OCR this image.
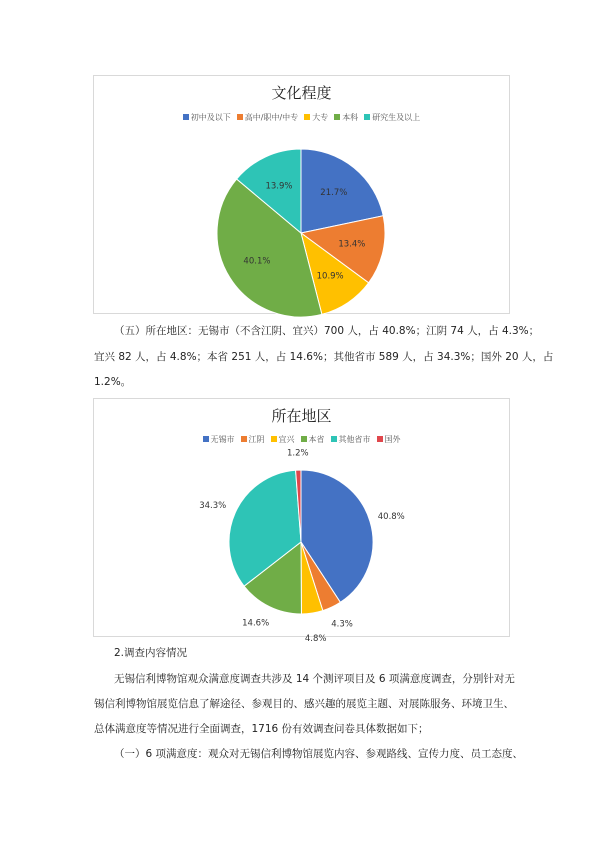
文化程度
初中及以下 高中/职中/中专 大专 本科 研究生及以上
21.7%
13.4%
10.9%
40.1%
13.9%
（五）所在地区：无锡市（不含江阴、宜兴）700 人，占 40.8%；江阴 74 人，占 4.3%；
宜兴 82 人，占 4.8%；本省 251 人，占 14.6%；其他省市 589 人，占 34.3%；国外 20 人，占
1.2%。
所在地区
无锡市 江阴 宜兴 本省 其他省市 国外
40.8%
4.3%
4.8%
14.6%
34.3%
1.2%
2.调查内容情况
无锡信利博物馆观众满意度调查共涉及 14 个测评项目及 6 项满意度调查，分别针对无
锡信利博物馆展览信息了解途径、参观目的、感兴趣的展览主题、对展陈服务、环境卫生、
总体满意度等情况进行全面调查，1716 份有效调查问卷具体数据如下；
（一）6 项满意度：观众对无锡信利博物馆展览内容、参观路线、宣传力度、员工态度、
